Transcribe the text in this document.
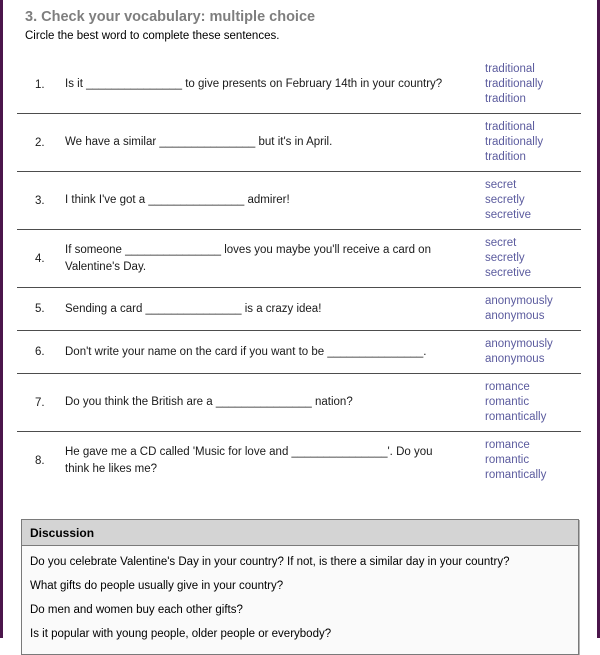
3. Check your vocabulary: multiple choice
Circle the best word to complete these sentences.
1.	Is it _______________ to give presents on February 14th in your country?
traditional
traditionally
tradition
2.	We have a similar _______________ but it's in April.
traditional
traditionally
tradition
3.	I think I've got a _______________ admirer!
secret
secretly
secretive
4.
If someone _______________ loves you maybe you'll receive a card on Valentine's Day.
secret
secretly
secretive
5.	Sending a card _______________ is a crazy idea!
anonymously
anonymous
6.	Don't write your name on the card if you want to be _______________.
anonymously
anonymous
7.	Do you think the British are a _______________ nation?
romance
romantic
romantically
8.
He gave me a CD called 'Music for love and _______________'. Do you think he likes me?
romance
romantic
romantically
Discussion
Do you celebrate Valentine's Day in your country? If not, is there a similar day in your country?
What gifts do people usually give in your country?
Do men and women buy each other gifts?
Is it popular with young people, older people or everybody?
